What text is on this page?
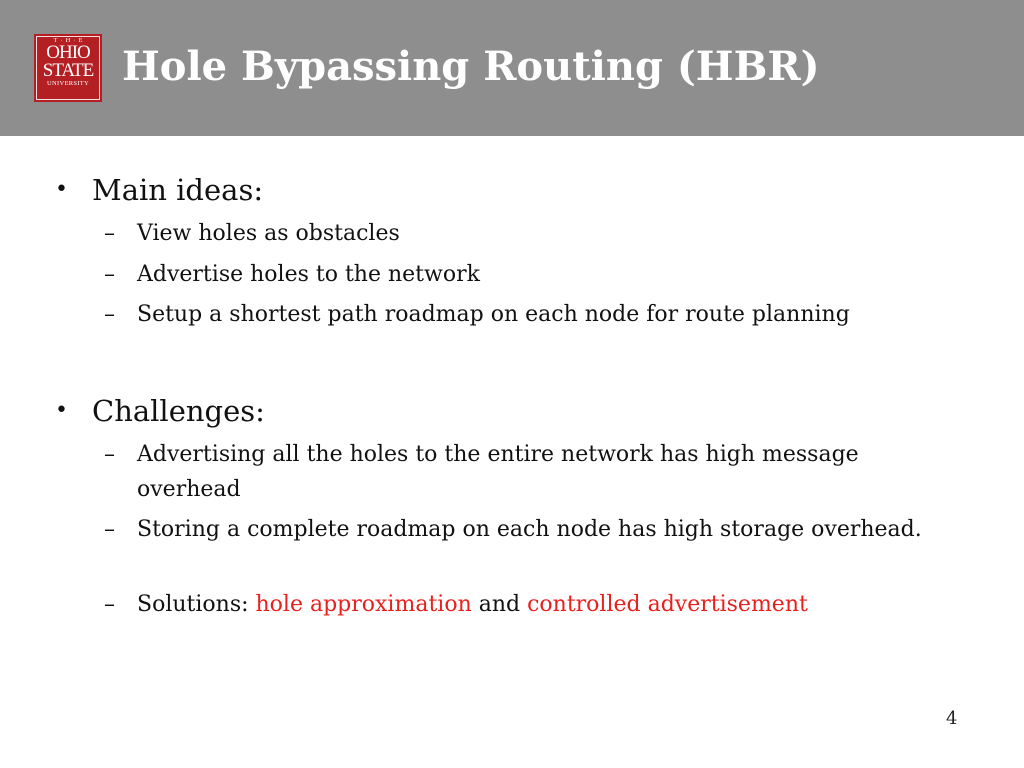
T·H·E
OHIO
STATE
UNIVERSITY Hole Bypassing Routing (HBR)
• Main ideas:
– View holes as obstacles
– Advertise holes to the network
– Setup a shortest path roadmap on each node for route planning
• Challenges:
– Advertising all the holes to the entire network has high message overhead
– Storing a complete roadmap on each node has high storage overhead.
– Solutions: hole approximation and controlled advertisement
4
